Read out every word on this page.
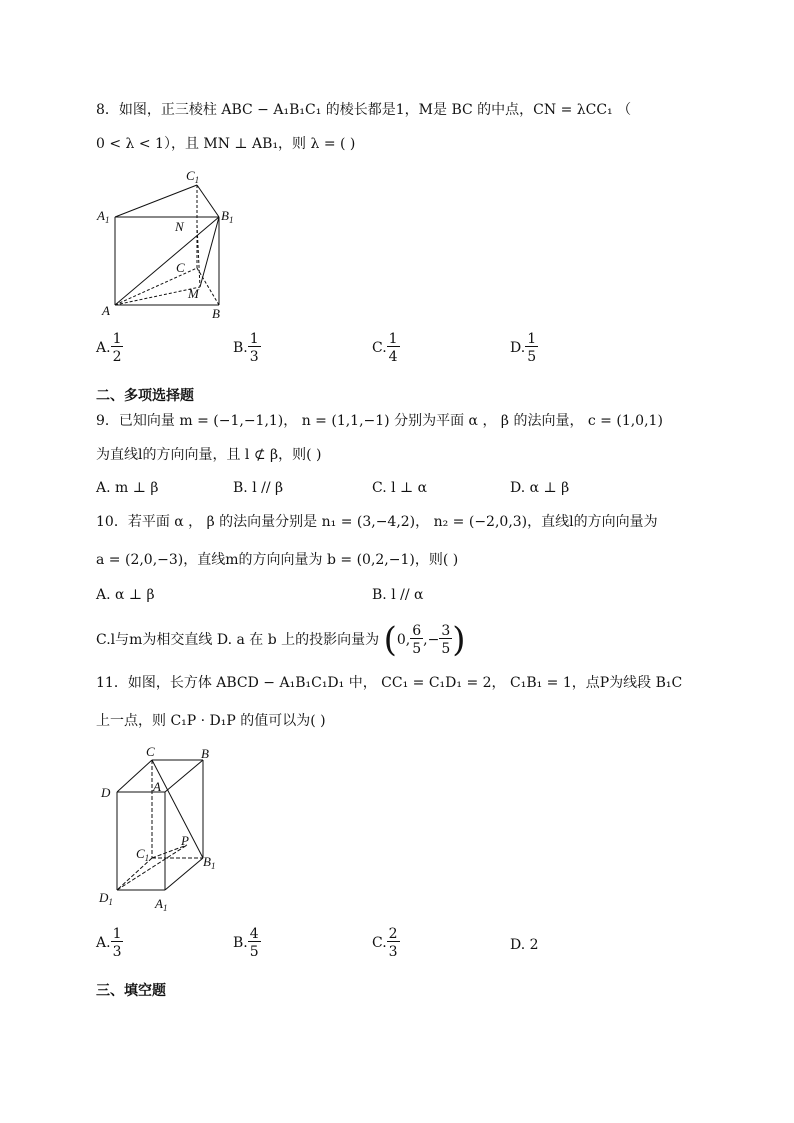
8．如图，正三棱柱 ABC − A₁B₁C₁ 的棱长都是1，M是 BC 的中点，CN = λCC₁ （
0 < λ < 1），且 MN ⊥ AB₁，则 λ = ( )
$C_1$
$A_1$	$B_1$
N
C
M
A	B
A. $\frac{1}{2}$	B. $\frac{1}{3}$	C. $\frac{1}{4}$	D. $\frac{1}{5}$
二、多项选择题
9．已知向量 m = (−1,−1,1)， n = (1,1,−1) 分别为平面 α ， β 的法向量， c = (1,0,1)
为直线l的方向向量，且 l ⊄ β，则( )
A. m ⊥ β	B. l // β	C. l ⊥ α	D. α ⊥ β
10．若平面 α ， β 的法向量分别是 n₁ = (3,−4,2)， n₂ = (−2,0,3)，直线l的方向向量为
a = (2,0,−3)，直线m的方向向量为 b = (0,2,−1)，则( )
A. α ⊥ β	B. l // α
C.l与m为相交直线 D. a 在 b 上的投影向量为 (0, $\frac{6}{5}$ ,− $\frac{3}{5}$ )
11．如图，长方体 ABCD − A₁B₁C₁D₁ 中， CC₁ = C₁D₁ = 2， C₁B₁ = 1，点P为线段 B₁C
上一点，则 C₁P · D₁P 的值可以为( )
C	B
D	A
$C_1$
P
$B_1$
$D_1$	$A_1$
A. $\frac{1}{3}$	B. $\frac{4}{5}$	C. $\frac{2}{3}$	D. 2
三、填空题
